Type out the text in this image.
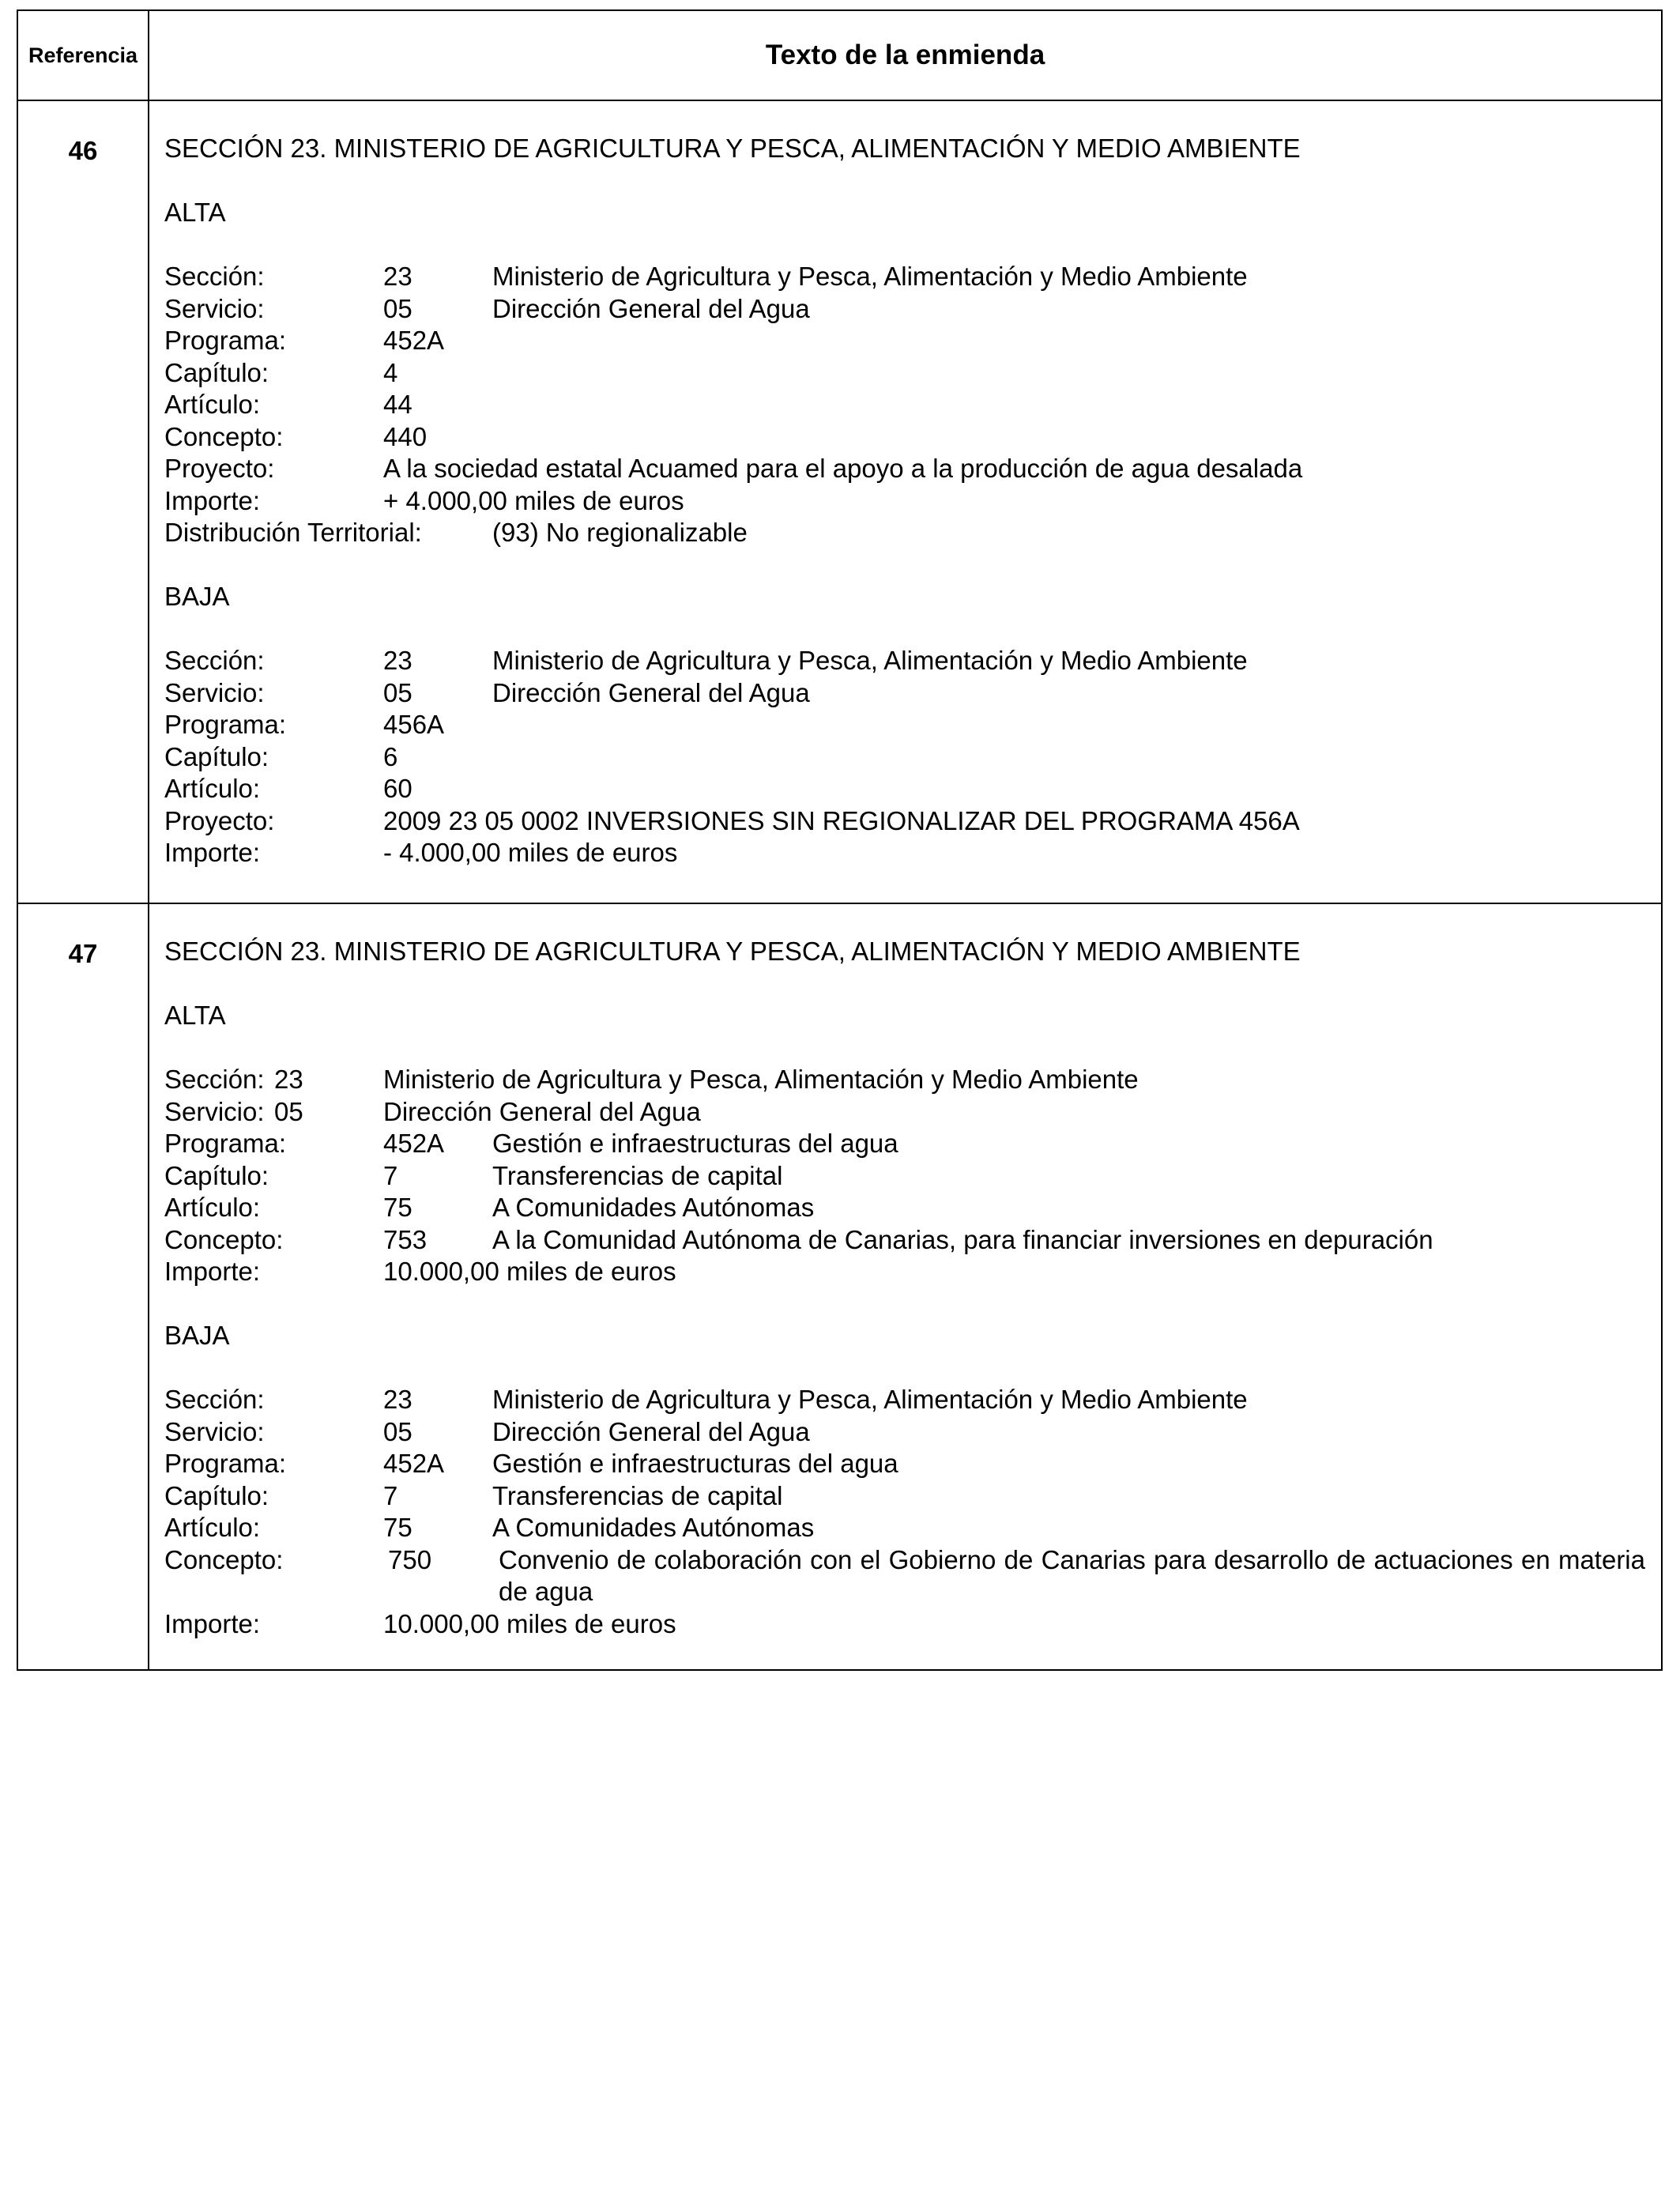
Referencia	Texto de la enmienda
46	SECCIÓN 23. MINISTERIO DE AGRICULTURA Y PESCA, ALIMENTACIÓN Y MEDIO AMBIENTE
ALTA
Sección:	23	Ministerio de Agricultura y Pesca, Alimentación y Medio Ambiente
Servicio:	05	Dirección General del Agua
Programa:	452A
Capítulo:	4
Artículo:	44
Concepto:	440
Proyecto:	A la sociedad estatal Acuamed para el apoyo a la producción de agua desalada
Importe:	+ 4.000,00 miles de euros
Distribución Territorial:	(93) No regionalizable
BAJA
Sección:	23	Ministerio de Agricultura y Pesca, Alimentación y Medio Ambiente
Servicio:	05	Dirección General del Agua
Programa:	456A
Capítulo:	6
Artículo:	60
Proyecto:	2009 23 05 0002 INVERSIONES SIN REGIONALIZAR DEL PROGRAMA 456A
Importe:	- 4.000,00 miles de euros
47	SECCIÓN 23. MINISTERIO DE AGRICULTURA Y PESCA, ALIMENTACIÓN Y MEDIO AMBIENTE
ALTA
Sección: 23	Ministerio de Agricultura y Pesca, Alimentación y Medio Ambiente
Servicio: 05	Dirección General del Agua
Programa:	452A Gestión e infraestructuras del agua
Capítulo:	7	Transferencias de capital
Artículo:	75	A Comunidades Autónomas
Concepto:	753	A la Comunidad Autónoma de Canarias, para financiar inversiones en depuración
Importe:	10.000,00 miles de euros
BAJA
Sección:	23	Ministerio de Agricultura y Pesca, Alimentación y Medio Ambiente
Servicio:	05	Dirección General del Agua
Programa:	452A Gestión e infraestructuras del agua
Capítulo:	7	Transferencias de capital
Artículo:	75	A Comunidades Autónomas
Concepto:	750	Convenio de colaboración con el Gobierno de Canarias para desarrollo de actuaciones en materia de agua
Importe:	10.000,00 miles de euros
